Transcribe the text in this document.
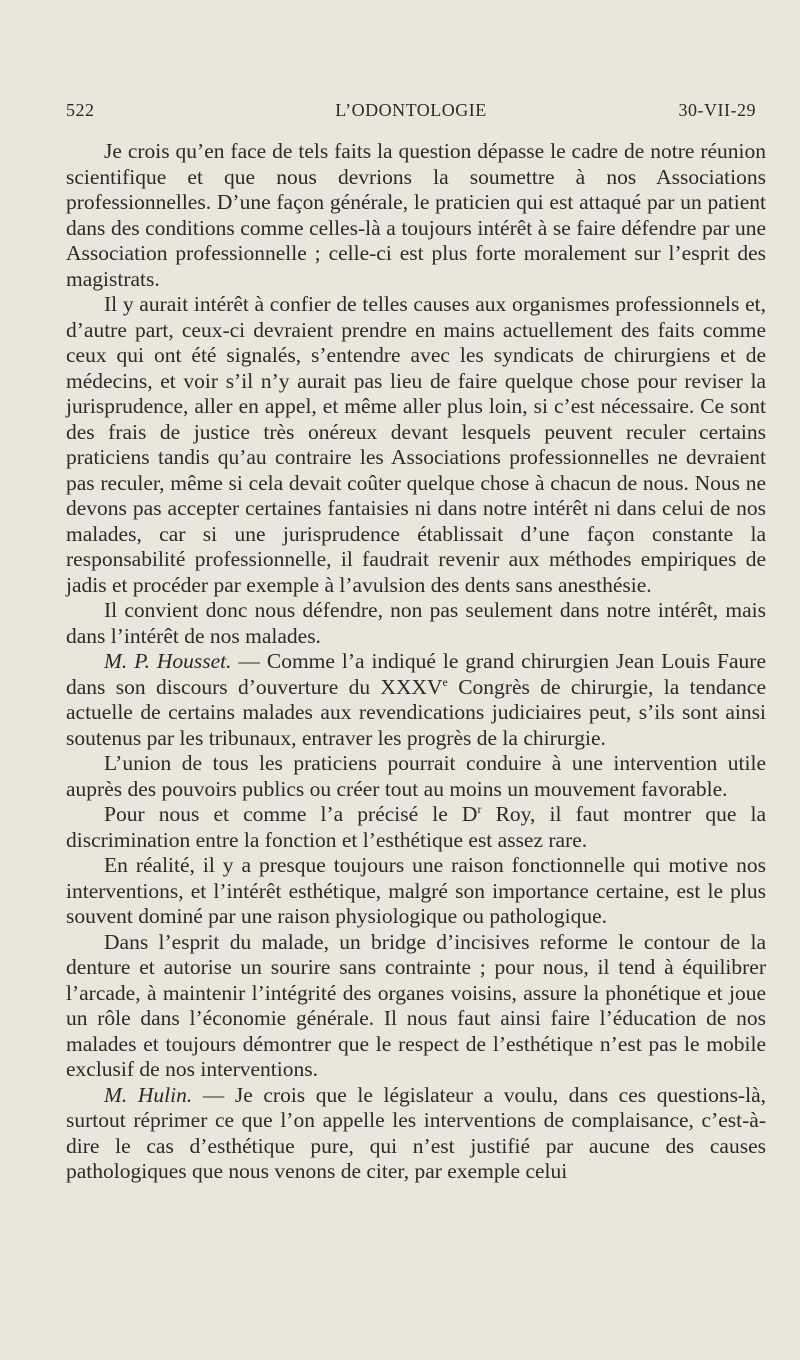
522	L’ODONTOLOGIE	30-VII-29

Je crois qu’en face de tels faits la question dépasse le cadre de notre réunion scientifique et que nous devrions la soumettre à nos Associations professionnelles. D’une façon générale, le praticien qui est attaqué par un patient dans des conditions comme celles-là a toujours intérêt à se faire défendre par une Association professionnelle ; celle-ci est plus forte moralement sur l’esprit des magistrats.

Il y aurait intérêt à confier de telles causes aux organismes professionnels et, d’autre part, ceux-ci devraient prendre en mains actuellement des faits comme ceux qui ont été signalés, s’entendre avec les syndicats de chirurgiens et de médecins, et voir s’il n’y aurait pas lieu de faire quelque chose pour reviser la jurisprudence, aller en appel, et même aller plus loin, si c’est nécessaire. Ce sont des frais de justice très onéreux devant lesquels peuvent reculer certains praticiens tandis qu’au contraire les Associations professionnelles ne devraient pas reculer, même si cela devait coûter quelque chose à chacun de nous. Nous ne devons pas accepter certaines fantaisies ni dans notre intérêt ni dans celui de nos malades, car si une jurisprudence établissait d’une façon constante la responsabilité professionnelle, il faudrait revenir aux méthodes empiriques de jadis et procéder par exemple à l’avulsion des dents sans anesthésie.

Il convient donc nous défendre, non pas seulement dans notre intérêt, mais dans l’intérêt de nos malades.

M. P. Housset. — Comme l’a indiqué le grand chirurgien Jean Louis Faure dans son discours d’ouverture du XXXVe Congrès de chirurgie, la tendance actuelle de certains malades aux revendications judiciaires peut, s’ils sont ainsi soutenus par les tribunaux, entraver les progrès de la chirurgie.

L’union de tous les praticiens pourrait conduire à une intervention utile auprès des pouvoirs publics ou créer tout au moins un mouvement favorable.

Pour nous et comme l’a précisé le $D^r$ Roy, il faut montrer que la discrimination entre la fonction et l’esthétique est assez rare.

En réalité, il y a presque toujours une raison fonctionnelle qui motive nos interventions, et l’intérêt esthétique, malgré son importance certaine, est le plus souvent dominé par une raison physiologique ou pathologique.

Dans l’esprit du malade, un bridge d’incisives reforme le contour de la denture et autorise un sourire sans contrainte ; pour nous, il tend à équilibrer l’arcade, à maintenir l’intégrité des organes voisins, assure la phonétique et joue un rôle dans l’économie générale. Il nous faut ainsi faire l’éducation de nos malades et toujours démontrer que le respect de l’esthétique n’est pas le mobile exclusif de nos interventions.

M. Hulin. — Je crois que le législateur a voulu, dans ces questions-là, surtout réprimer ce que l’on appelle les interventions de complaisance, c’est-à-dire le cas d’esthétique pure, qui n’est justifié par aucune des causes pathologiques que nous venons de citer, par exemple celui
